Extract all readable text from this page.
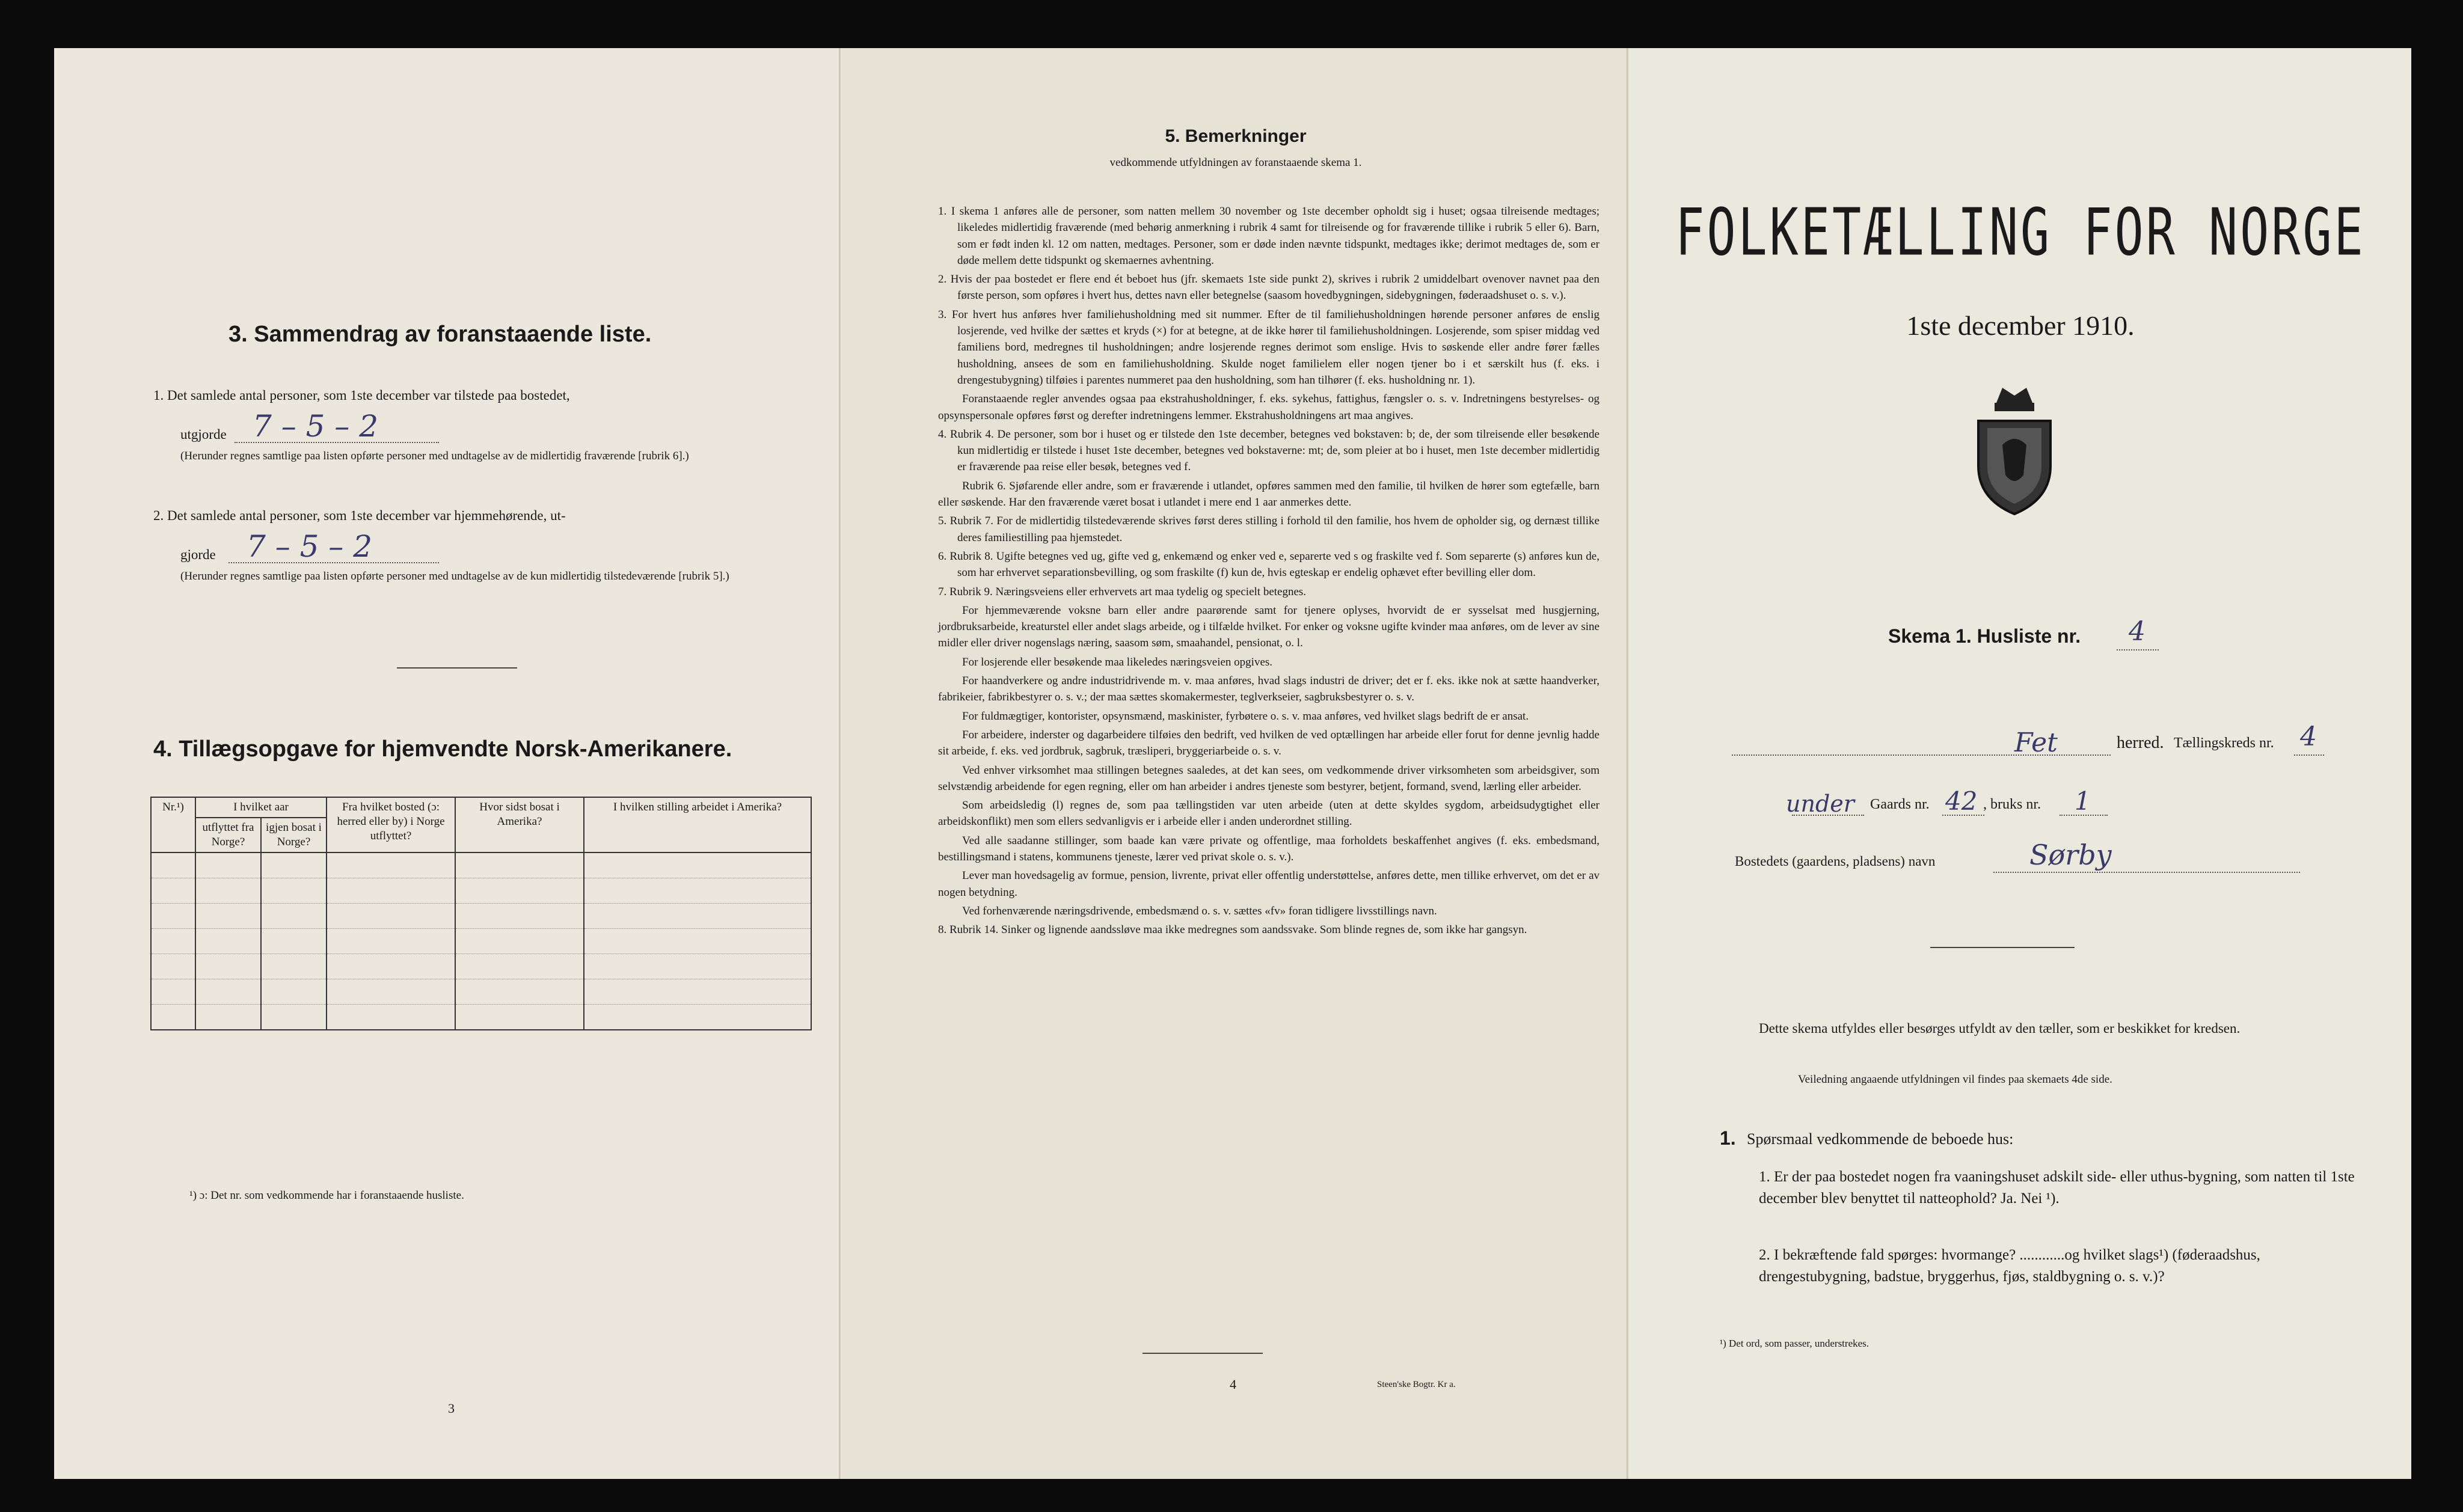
3. Sammendrag av foranstaaende liste.
1. Det samlede antal personer, som 1ste december var tilstede paa bostedet,
utgjorde 7 – 5 – 2
(Herunder regnes samtlige paa listen opførte personer med undtagelse av de midlertidig fraværende [rubrik 6].)
2. Det samlede antal personer, som 1ste december var hjemmehørende, ut-
gjorde 7 – 5 – 2
(Herunder regnes samtlige paa listen opførte personer med undtagelse av de kun midlertidig tilstedeværende [rubrik 5].)
4. Tillægsopgave for hjemvendte Norsk-Amerikanere.
Nr.¹)	I hvilket aar		Fra hvilket bosted (ɔ: herred eller by) i Norge utflyttet?	Hvor sidst bosat i Amerika?	I hvilken stilling arbeidet i Amerika?
	utflyttet fra Norge?	igjen bosat i Norge?			

¹) ɔ: Det nr. som vedkommende har i foranstaaende husliste.
3
5. Bemerkninger
vedkommende utfyldningen av foranstaaende skema 1.

1. I skema 1 anføres alle de personer, som natten mellem 30 november og 1ste december opholdt sig i huset; ogsaa tilreisende medtages; likeledes midlertidig fraværende (med behørig anmerkning i rubrik 4 samt for tilreisende og for fraværende tillike i rubrik 5 eller 6). Barn, som er født inden kl. 12 om natten, medtages. Personer, som er døde inden nævnte tidspunkt, medtages ikke; derimot medtages de, som er døde mellem dette tidspunkt og skemaernes avhentning.

2. Hvis der paa bostedet er flere end ét beboet hus (jfr. skemaets 1ste side punkt 2), skrives i rubrik 2 umiddelbart ovenover navnet paa den første person, som opføres i hvert hus, dettes navn eller betegnelse (saasom hovedbygningen, sidebygningen, føderaadshuset o. s. v.).

3. For hvert hus anføres hver familiehusholdning med sit nummer. Efter de til familiehusholdningen hørende personer anføres de enslig losjerende, ved hvilke der sættes et kryds (×) for at betegne, at de ikke hører til familiehusholdningen. Losjerende, som spiser middag ved familiens bord, medregnes til husholdningen; andre losjerende regnes derimot som enslige. Hvis to søskende eller andre fører fælles husholdning, ansees de som en familiehusholdning. Skulde noget familielem eller nogen tjener bo i et særskilt hus (f. eks. i drengestubygning) tilføies i parentes nummeret paa den husholdning, som han tilhører (f. eks. husholdning nr. 1).

Foranstaaende regler anvendes ogsaa paa ekstrahusholdninger, f. eks. sykehus, fattighus, fængsler o. s. v. Indretningens bestyrelses- og opsynspersonale opføres først og derefter indretningens lemmer. Ekstrahusholdningens art maa angives.

4. Rubrik 4. De personer, som bor i huset og er tilstede den 1ste december, betegnes ved bokstaven: b; de, der som tilreisende eller besøkende kun midlertidig er tilstede i huset 1ste december, betegnes ved bokstaverne: mt; de, som pleier at bo i huset, men 1ste december midlertidig er fraværende paa reise eller besøk, betegnes ved f.

Rubrik 6. Sjøfarende eller andre, som er fraværende i utlandet, opføres sammen med den familie, til hvilken de hører som egtefælle, barn eller søskende. Har den fraværende været bosat i utlandet i mere end 1 aar anmerkes dette.

5. Rubrik 7. For de midlertidig tilstedeværende skrives først deres stilling i forhold til den familie, hos hvem de opholder sig, og dernæst tillike deres familiestilling paa hjemstedet.

6. Rubrik 8. Ugifte betegnes ved ug, gifte ved g, enkemænd og enker ved e, separerte ved s og fraskilte ved f. Som separerte (s) anføres kun de, som har erhvervet separationsbevilling, og som fraskilte (f) kun de, hvis egteskap er endelig ophævet efter bevilling eller dom.

7. Rubrik 9. Næringsveiens eller erhvervets art maa tydelig og specielt betegnes.

For hjemmeværende voksne barn eller andre paarørende samt for tjenere oplyses, hvorvidt de er sysselsat med husgjerning, jordbruksarbeide, kreaturstel eller andet slags arbeide, og i tilfælde hvilket. For enker og voksne ugifte kvinder maa anføres, om de lever av sine midler eller driver nogenslags næring, saasom søm, smaahandel, pensionat, o. l.

For losjerende eller besøkende maa likeledes næringsveien opgives.

For haandverkere og andre industridrivende m. v. maa anføres, hvad slags industri de driver; det er f. eks. ikke nok at sætte haandverker, fabrikeier, fabrikbestyrer o. s. v.; der maa sættes skomakermester, teglverkseier, sagbruksbestyrer o. s. v.

For fuldmægtiger, kontorister, opsynsmænd, maskinister, fyrbøtere o. s. v. maa anføres, ved hvilket slags bedrift de er ansat.

For arbeidere, inderster og dagarbeidere tilføies den bedrift, ved hvilken de ved optællingen har arbeide eller forut for denne jevnlig hadde sit arbeide, f. eks. ved jordbruk, sagbruk, træsliperi, bryggeriarbeide o. s. v.

Ved enhver virksomhet maa stillingen betegnes saaledes, at det kan sees, om vedkommende driver virksomheten som arbeidsgiver, som selvstændig arbeidende for egen regning, eller om han arbeider i andres tjeneste som bestyrer, betjent, formand, svend, lærling eller arbeider.

Som arbeidsledig (l) regnes de, som paa tællingstiden var uten arbeide (uten at dette skyldes sygdom, arbeidsudygtighet eller arbeidskonflikt) men som ellers sedvanligvis er i arbeide eller i anden underordnet stilling.

Ved alle saadanne stillinger, som baade kan være private og offentlige, maa forholdets beskaffenhet angives (f. eks. embedsmand, bestillingsmand i statens, kommunens tjeneste, lærer ved privat skole o. s. v.).

Lever man hovedsagelig av formue, pension, livrente, privat eller offentlig understøttelse, anføres dette, men tillike erhvervet, om det er av nogen betydning.

Ved forhenværende næringsdrivende, embedsmænd o. s. v. sættes «fv» foran tidligere livsstillings navn.

8. Rubrik 14. Sinker og lignende aandssløve maa ikke medregnes som aandssvake. Som blinde regnes de, som ikke har gangsyn.

4	Steen'ske Bogtr. Kr a.
FOLKETÆLLING FOR NORGE
1ste december 1910.
Skema 1. Husliste nr. 4
Fet	herred. Tællingskreds nr. 4
under Gaards nr. 42 , bruks nr. 1
Bostedets (gaardens, pladsens) navn	Sørby
Dette skema utfyldes eller besørges utfyldt av den tæller, som er beskikket for kredsen.
Veiledning angaaende utfyldningen vil findes paa skemaets 4de side.
1. Spørsmaal vedkommende de beboede hus:
1. Er der paa bostedet nogen fra vaaningshuset adskilt side- eller uthus-bygning, som natten til 1ste december blev benyttet til natteophold? Ja. Nei ¹).
2. I bekræftende fald spørges: hvormange? ............og hvilket slags¹) (føderaadshus, drengestubygning, badstue, bryggerhus, fjøs, staldbygning o. s. v.)?
¹) Det ord, som passer, understrekes.
